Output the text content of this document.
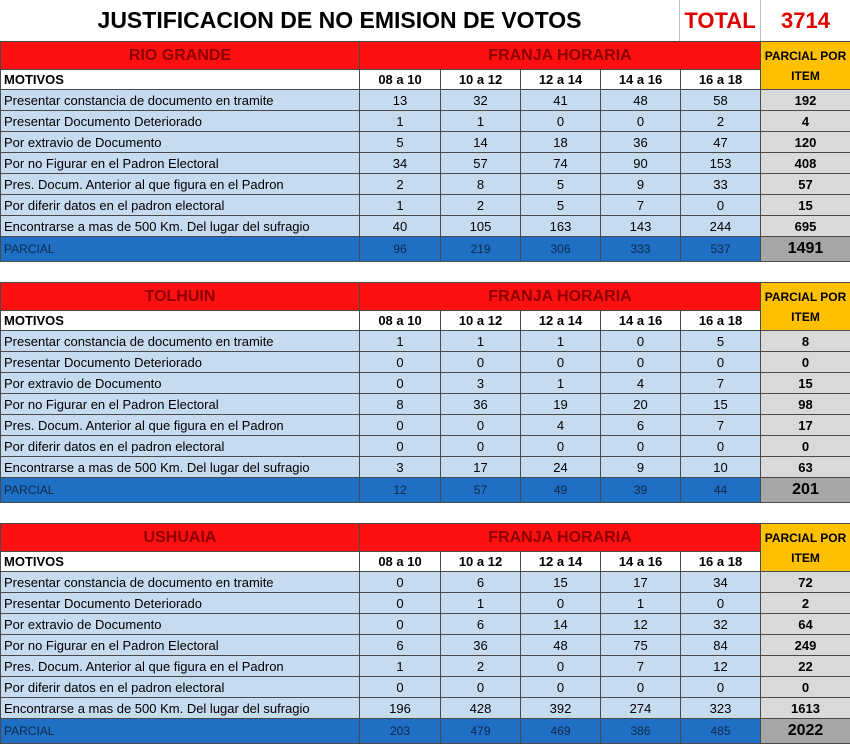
JUSTIFICACION DE NO EMISION DE VOTOS	TOTAL	3714
RIO GRANDE	FRANJA HORARIA					PARCIAL POR ITEM
MOTIVOS	08 a 10	10 a 12	12 a 14	14 a 16	16 a 18	
Presentar constancia de documento en tramite	13	32	41	48	58	192
Presentar Documento Deteriorado	1	1	0	0	2	4
Por extravio de Documento	5	14	18	36	47	120
Por no Figurar en el Padron Electoral	34	57	74	90	153	408
Pres. Docum. Anterior al que figura en el Padron	2	8	5	9	33	57
Por diferir datos en el padron electoral	1	2	5	7	0	15
Encontrarse a mas de 500 Km. Del lugar del sufragio	40	105	163	143	244	695
PARCIAL	96	219	306	333	537	1491
TOLHUIN	FRANJA HORARIA					PARCIAL POR ITEM
MOTIVOS	08 a 10	10 a 12	12 a 14	14 a 16	16 a 18	
Presentar constancia de documento en tramite	1	1	1	0	5	8
Presentar Documento Deteriorado	0	0	0	0	0	0
Por extravio de Documento	0	3	1	4	7	15
Por no Figurar en el Padron Electoral	8	36	19	20	15	98
Pres. Docum. Anterior al que figura en el Padron	0	0	4	6	7	17
Por diferir datos en el padron electoral	0	0	0	0	0	0
Encontrarse a mas de 500 Km. Del lugar del sufragio	3	17	24	9	10	63
PARCIAL	12	57	49	39	44	201
USHUAIA	FRANJA HORARIA					PARCIAL POR ITEM
MOTIVOS	08 a 10	10 a 12	12 a 14	14 a 16	16 a 18	
Presentar constancia de documento en tramite	0	6	15	17	34	72
Presentar Documento Deteriorado	0	1	0	1	0	2
Por extravio de Documento	0	6	14	12	32	64
Por no Figurar en el Padron Electoral	6	36	48	75	84	249
Pres. Docum. Anterior al que figura en el Padron	1	2	0	7	12	22
Por diferir datos en el padron electoral	0	0	0	0	0	0
Encontrarse a mas de 500 Km. Del lugar del sufragio	196	428	392	274	323	1613
PARCIAL	203	479	469	386	485	2022
